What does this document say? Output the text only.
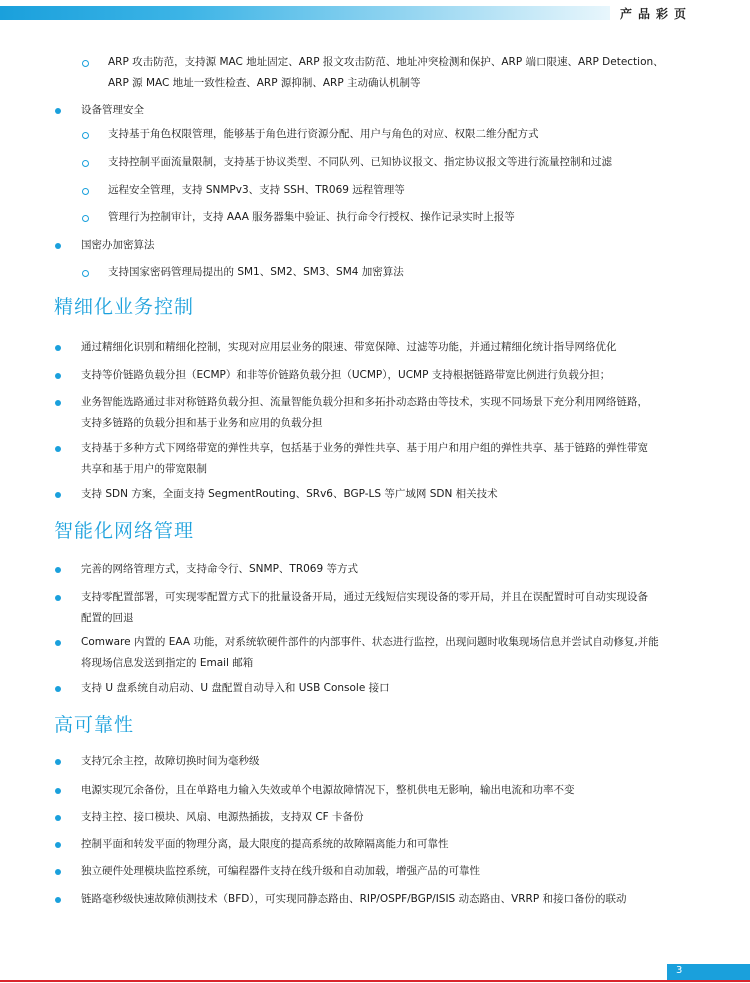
产品彩页
ARP 攻击防范，支持源 MAC 地址固定、ARP 报文攻击防范、地址冲突检测和保护、ARP 端口限速、ARP Detection、
ARP 源 MAC 地址一致性检查、ARP 源抑制、ARP 主动确认机制等
设备管理安全
支持基于角色权限管理，能够基于角色进行资源分配、用户与角色的对应、权限二维分配方式
支持控制平面流量限制，支持基于协议类型、不同队列、已知协议报文、指定协议报文等进行流量控制和过滤
远程安全管理，支持 SNMPv3、支持 SSH、TR069 远程管理等
管理行为控制审计，支持 AAA 服务器集中验证、执行命令行授权、操作记录实时上报等
国密办加密算法
支持国家密码管理局提出的 SM1、SM2、SM3、SM4 加密算法
精细化业务控制
通过精细化识别和精细化控制，实现对应用层业务的限速、带宽保障、过滤等功能，并通过精细化统计指导网络优化
支持等价链路负载分担（ECMP）和非等价链路负载分担（UCMP），UCMP 支持根据链路带宽比例进行负载分担；
业务智能选路通过非对称链路负载分担、流量智能负载分担和多拓扑动态路由等技术，实现不同场景下充分利用网络链路，
支持多链路的负载分担和基于业务和应用的负载分担
支持基于多种方式下网络带宽的弹性共享，包括基于业务的弹性共享、基于用户和用户组的弹性共享、基于链路的弹性带宽
共享和基于用户的带宽限制
支持 SDN 方案，全面支持 SegmentRouting、SRv6、BGP-LS 等广域网 SDN 相关技术
智能化网络管理
完善的网络管理方式，支持命令行、SNMP、TR069 等方式
支持零配置部署，可实现零配置方式下的批量设备开局，通过无线短信实现设备的零开局，并且在误配置时可自动实现设备
配置的回退
Comware 内置的 EAA 功能，对系统软硬件部件的内部事件、状态进行监控，出现问题时收集现场信息并尝试自动修复,并能
将现场信息发送到指定的 Email 邮箱
支持 U 盘系统自动启动、U 盘配置自动导入和 USB Console 接口
高可靠性
支持冗余主控，故障切换时间为毫秒级
电源实现冗余备份，且在单路电力输入失效或单个电源故障情况下，整机供电无影响，输出电流和功率不变
支持主控、接口模块、风扇、电源热插拔，支持双 CF 卡备份
控制平面和转发平面的物理分离，最大限度的提高系统的故障隔离能力和可靠性
独立硬件处理模块监控系统，可编程器件支持在线升级和自动加载，增强产品的可靠性
链路毫秒级快速故障侦测技术（BFD），可实现同静态路由、RIP/OSPF/BGP/ISIS 动态路由、VRRP 和接口备份的联动
3
